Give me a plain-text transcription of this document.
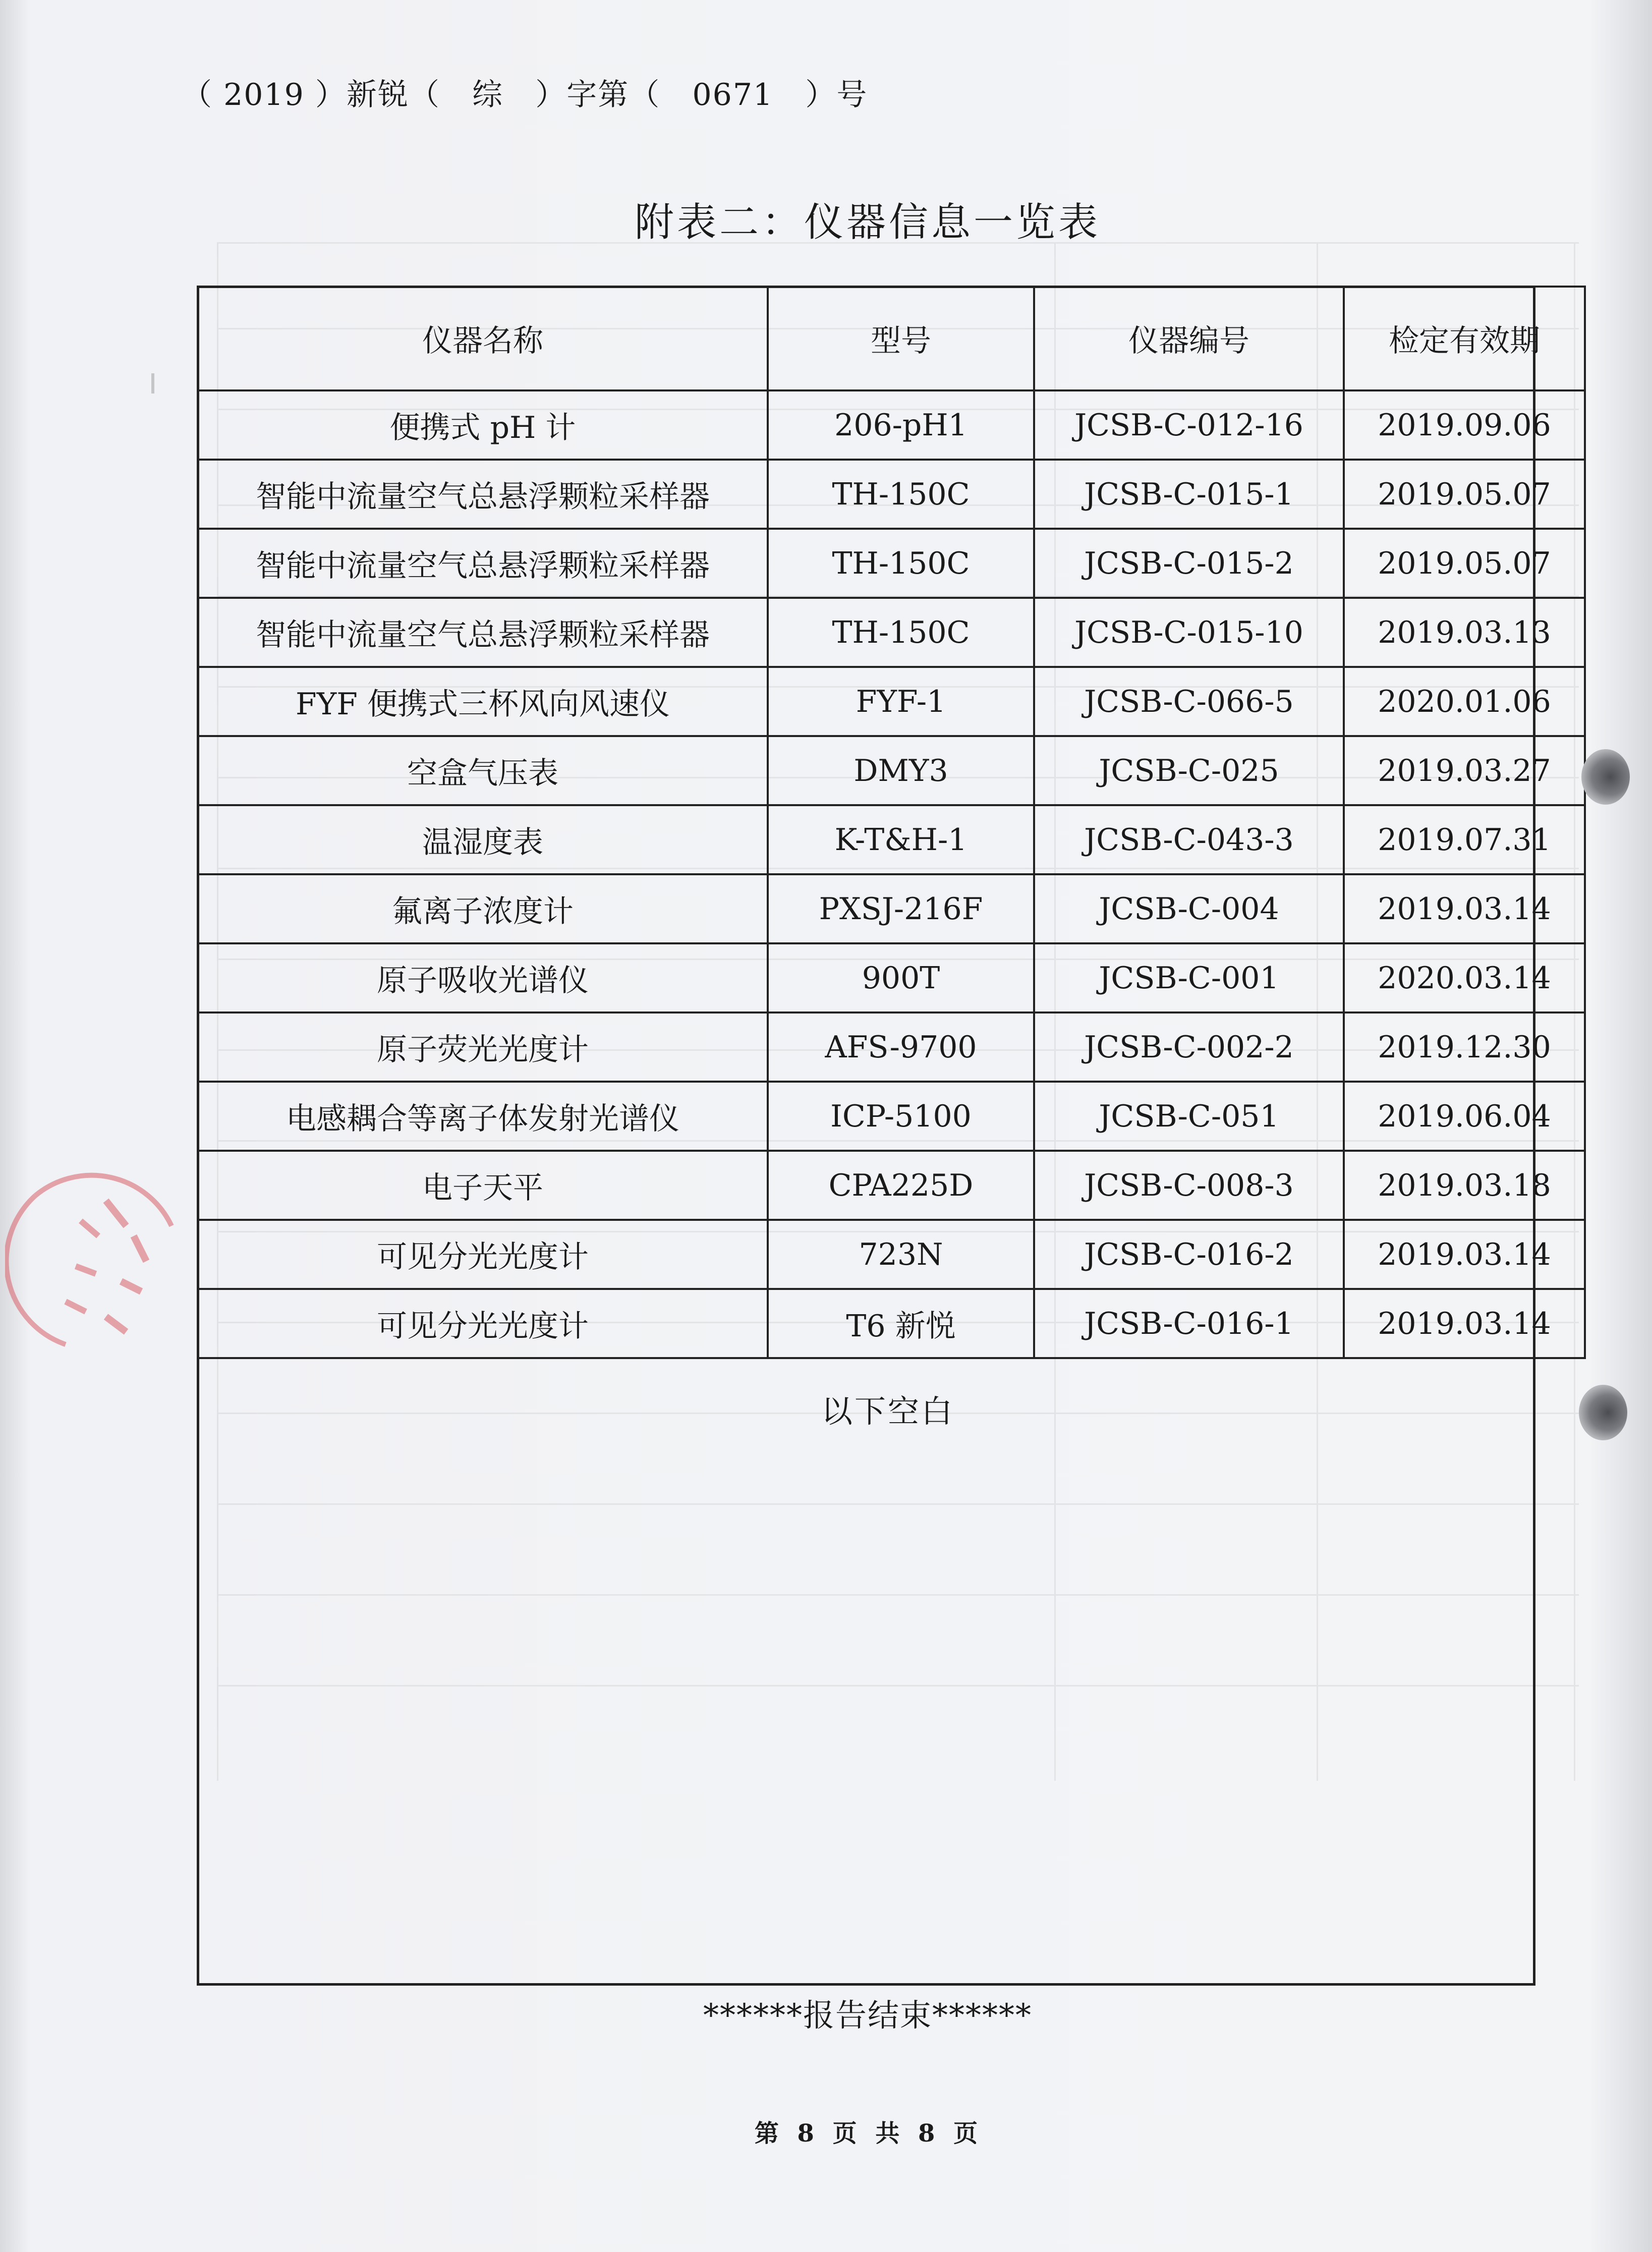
（ 2019 ）新锐（   综   ）字第（   0671   ）号
附表二：仪器信息一览表
仪器名称	型号	仪器编号	检定有效期
便携式 pH 计	206-pH1	JCSB-C-012-16	2019.09.06
智能中流量空气总悬浮颗粒采样器	TH-150C	JCSB-C-015-1	2019.05.07
智能中流量空气总悬浮颗粒采样器	TH-150C	JCSB-C-015-2	2019.05.07
智能中流量空气总悬浮颗粒采样器	TH-150C	JCSB-C-015-10	2019.03.13
FYF 便携式三杯风向风速仪	FYF-1	JCSB-C-066-5	2020.01.06
空盒气压表	DMY3	JCSB-C-025	2019.03.27
温湿度表	K-T&H-1	JCSB-C-043-3	2019.07.31
氟离子浓度计	PXSJ-216F	JCSB-C-004	2019.03.14
原子吸收光谱仪	900T	JCSB-C-001	2020.03.14
原子荧光光度计	AFS-9700	JCSB-C-002-2	2019.12.30
电感耦合等离子体发射光谱仪	ICP-5100	JCSB-C-051	2019.06.04
电子天平	CPA225D	JCSB-C-008-3	2019.03.18
可见分光光度计	723N	JCSB-C-016-2	2019.03.14
可见分光光度计	T6 新悦	JCSB-C-016-1	2019.03.14
以下空白
******报告结束******
第 8 页 共 8 页
